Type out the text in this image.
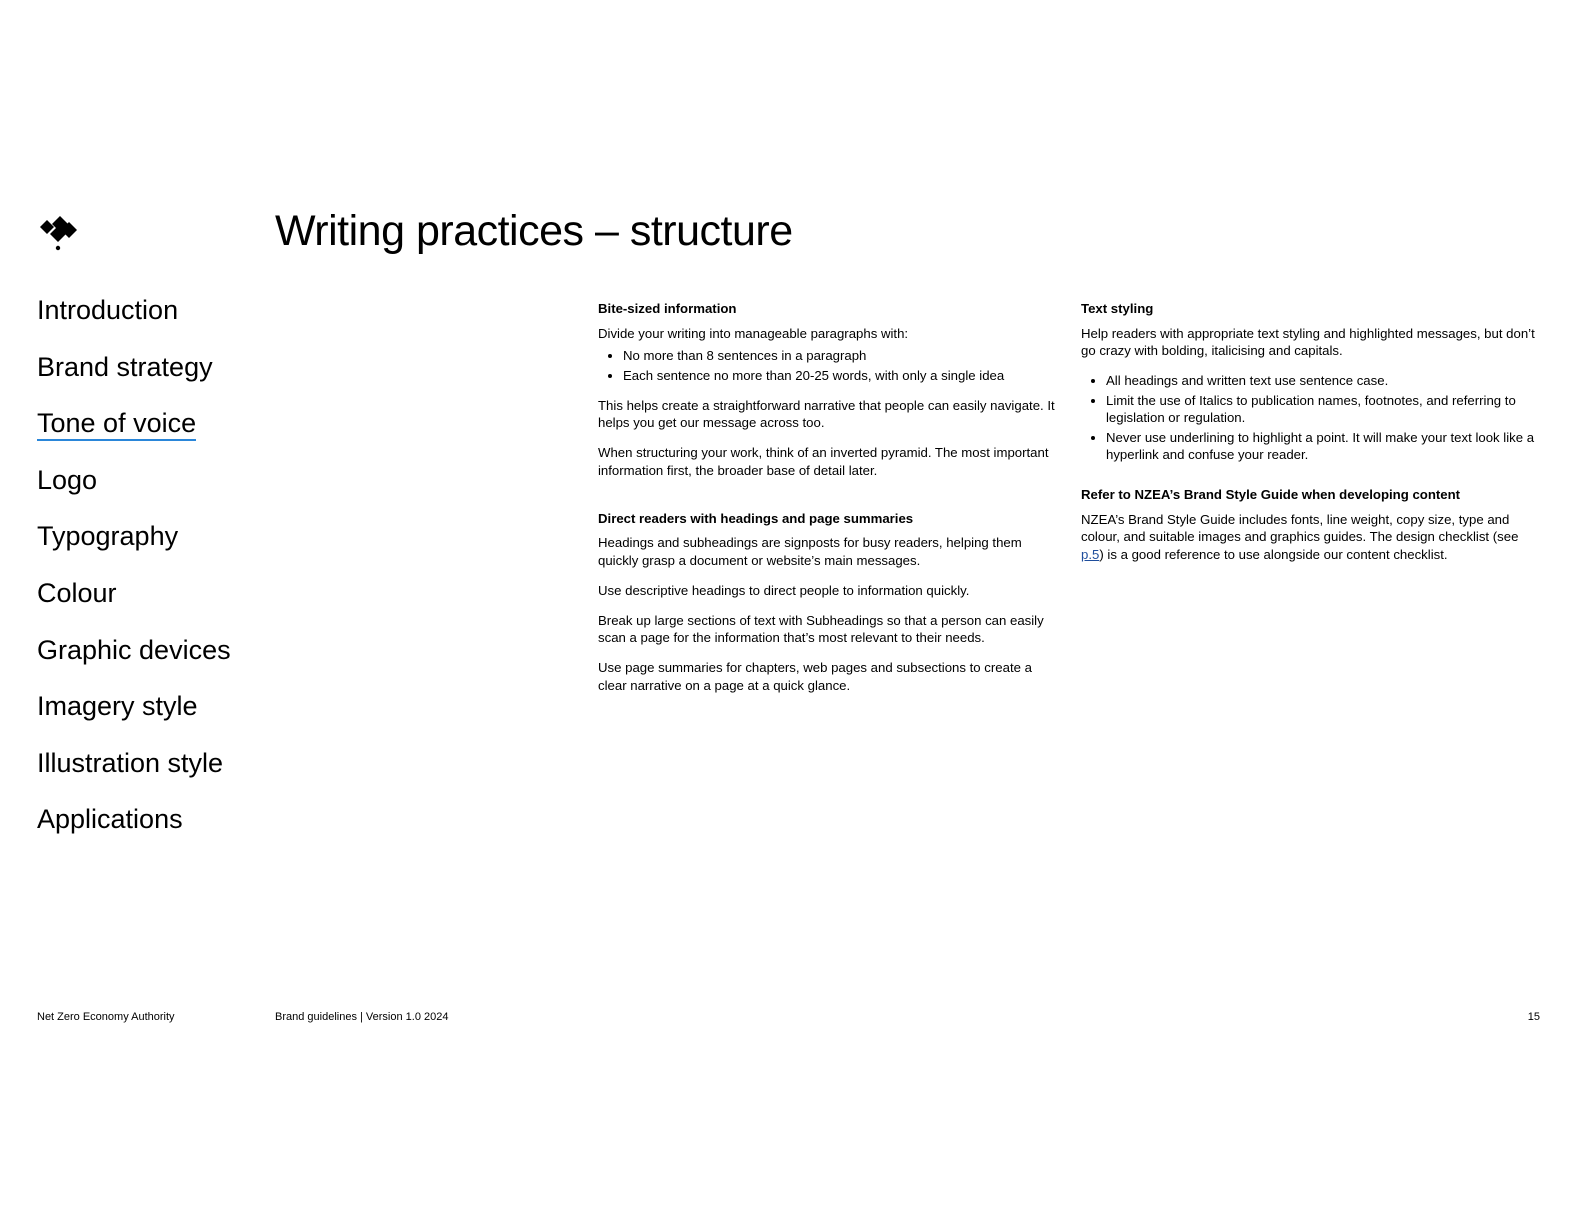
Writing practices – structure
Introduction
Brand strategy
Tone of voice
Logo
Typography
Colour
Graphic devices
Imagery style
Illustration style
Applications
Bite-sized information

Divide your writing into manageable paragraphs with:

• No more than 8 sentences in a paragraph
• Each sentence no more than 20-25 words, with only a single idea

This helps create a straightforward narrative that people can easily navigate. It helps you get our message across too.

When structuring your work, think of an inverted pyramid. The most important information first, the broader base of detail later.

Direct readers with headings and page summaries

Headings and subheadings are signposts for busy readers, helping them quickly grasp a document or website’s main messages.

Use descriptive headings to direct people to information quickly.

Break up large sections of text with Subheadings so that a person can easily scan a page for the information that’s most relevant to their needs.

Use page summaries for chapters, web pages and subsections to create a clear narrative on a page at a quick glance.

Text styling

Help readers with appropriate text styling and highlighted messages, but don’t go crazy with bolding, italicising and capitals.

• All headings and written text use sentence case.
• Limit the use of Italics to publication names, footnotes, and referring to legislation or regulation.
• Never use underlining to highlight a point. It will make your text look like a hyperlink and confuse your reader.
Refer to NZEA’s Brand Style Guide when developing content

NZEA’s Brand Style Guide includes fonts, line weight, copy size, type and colour, and suitable images and graphics guides. The design checklist (see p.5) is a good reference to use alongside our content checklist.

Net Zero Economy Authority	Brand guidelines | Version 1.0 2024	15
